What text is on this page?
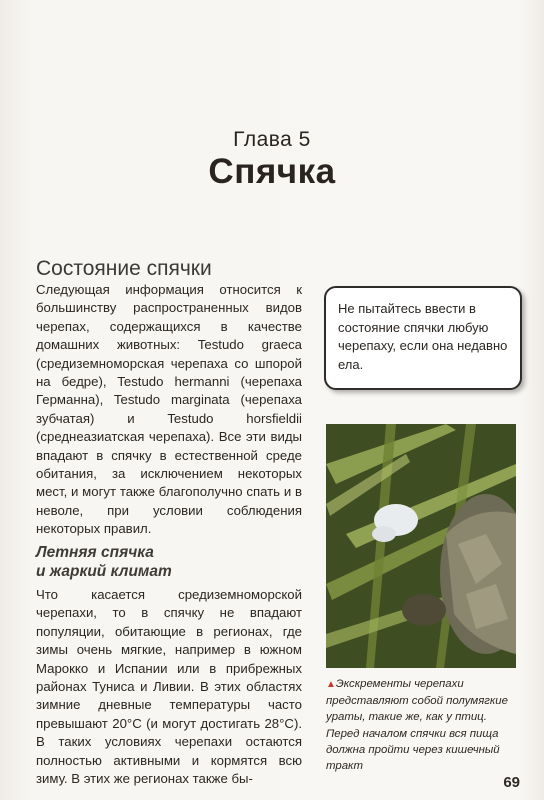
Глава 5
Спячка
Состояние спячки
Следующая информация относится к большинству распространенных видов черепах, содержащихся в качестве домашних животных: Testudo graeca (средиземноморская черепаха со шпорой на бедре), Testudo hermanni (черепаха Германна), Testudo marginata (черепаха зубчатая) и Testudo horsfieldii (среднеазиатская черепаха). Все эти виды впадают в спячку в естественной среде обитания, за исключением некоторых мест, и могут также благополучно спать и в неволе, при условии соблюдения некоторых правил.
Летняя спячка
и жаркий климат
Что касается средиземноморской черепахи, то в спячку не впадают популяции, обитающие в регионах, где зимы очень мягкие, например в южном Марокко и Испании или в прибрежных районах Туниса и Ливии. В этих областях зимние дневные температуры часто превышают 20°C (и могут достигать 28°C). В таких условиях черепахи остаются полностью активными и кормятся всю зиму. В этих же регионах также бы-
Не пытайтесь ввести в состояние спячки любую черепаху, если она недавно ела.
▲Экскременты черепахи представляют собой полумягкие ураты, такие же, как у птиц. Перед началом спячки вся пища должна пройти через кишечный тракт
69
